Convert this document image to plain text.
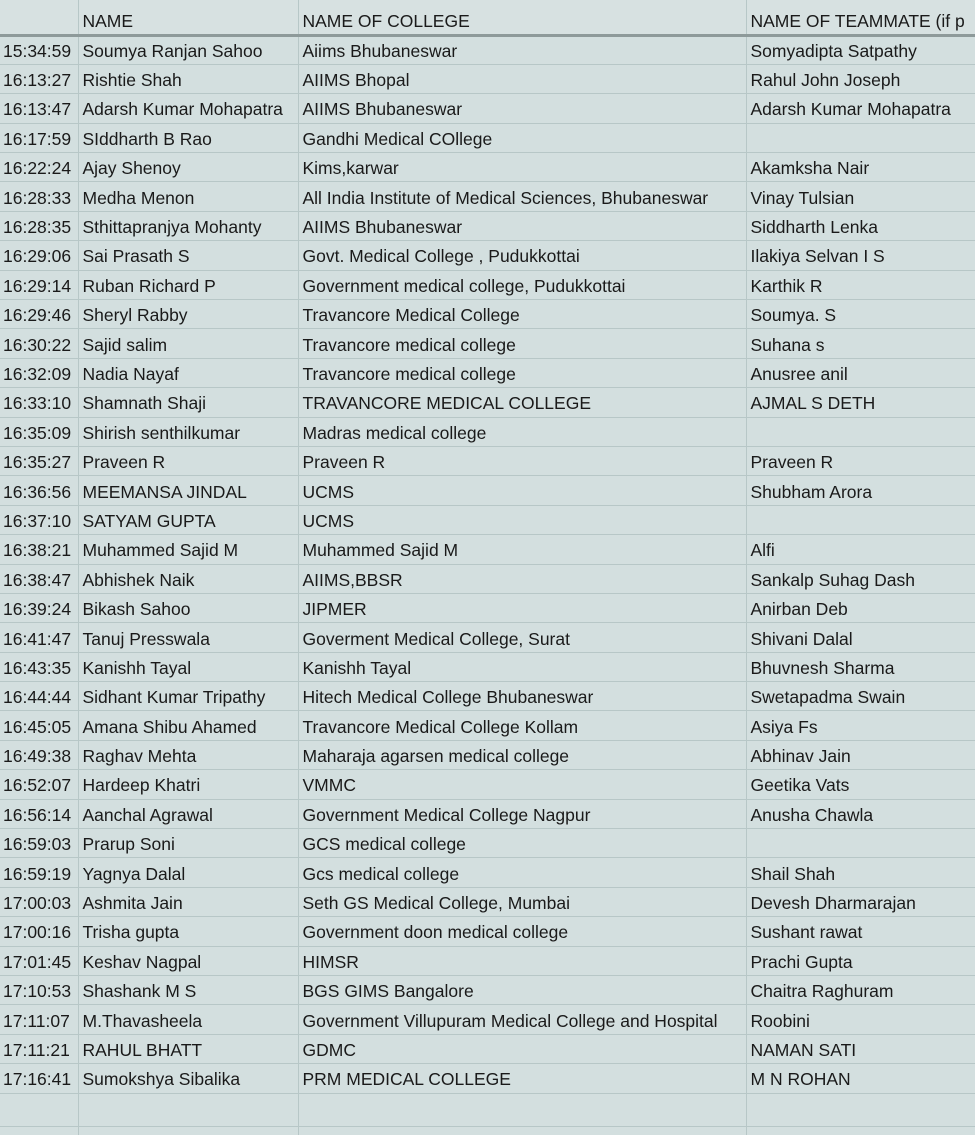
	NAME	NAME OF COLLEGE	NAME OF TEAMMATE (if p
15:34:59	Soumya Ranjan Sahoo	Aiims Bhubaneswar	Somyadipta Satpathy
16:13:27	Rishtie Shah	AIIMS Bhopal	Rahul John Joseph
16:13:47	Adarsh Kumar Mohapatra	AIIMS Bhubaneswar	Adarsh Kumar Mohapatra
16:17:59	SIddharth B Rao	Gandhi Medical COllege	
16:22:24	Ajay Shenoy	Kims,karwar	Akamksha Nair
16:28:33	Medha Menon	All India Institute of Medical Sciences, Bhubaneswar	Vinay Tulsian
16:28:35	Sthittapranjya Mohanty	AIIMS Bhubaneswar	Siddharth Lenka
16:29:06	Sai Prasath S	Govt. Medical College , Pudukkottai	Ilakiya Selvan I S
16:29:14	Ruban Richard P	Government medical college, Pudukkottai	Karthik R
16:29:46	Sheryl Rabby	Travancore Medical College	Soumya. S
16:30:22	Sajid salim	Travancore medical college	Suhana s
16:32:09	Nadia Nayaf	Travancore medical college	Anusree anil
16:33:10	Shamnath Shaji	TRAVANCORE MEDICAL COLLEGE	AJMAL S DETH
16:35:09	Shirish senthilkumar	Madras medical college	
16:35:27	Praveen R	Praveen R	Praveen R
16:36:56	MEEMANSA JINDAL	UCMS	Shubham Arora
16:37:10	SATYAM GUPTA	UCMS	
16:38:21	Muhammed Sajid M	Muhammed Sajid M	Alfi
16:38:47	Abhishek Naik	AIIMS,BBSR	Sankalp Suhag Dash
16:39:24	Bikash Sahoo	JIPMER	Anirban Deb
16:41:47	Tanuj Presswala	Goverment Medical College, Surat	Shivani Dalal
16:43:35	Kanishh Tayal	Kanishh Tayal	Bhuvnesh Sharma
16:44:44	Sidhant Kumar Tripathy	Hitech Medical College Bhubaneswar	Swetapadma Swain
16:45:05	Amana Shibu Ahamed	Travancore Medical College Kollam	Asiya Fs
16:49:38	Raghav Mehta	Maharaja agarsen medical college	Abhinav Jain
16:52:07	Hardeep Khatri	VMMC	Geetika Vats
16:56:14	Aanchal Agrawal	Government Medical College Nagpur	Anusha Chawla
16:59:03	Prarup Soni	GCS medical college	
16:59:19	Yagnya Dalal	Gcs medical college	Shail Shah
17:00:03	Ashmita Jain	Seth GS Medical College, Mumbai	Devesh Dharmarajan
17:00:16	Trisha gupta	Government doon medical college	Sushant rawat
17:01:45	Keshav Nagpal	HIMSR	Prachi Gupta
17:10:53	Shashank M S	BGS GIMS Bangalore	Chaitra Raghuram
17:11:07	M.Thavasheela	Government Villupuram Medical College and Hospital	Roobini
17:11:21	RAHUL BHATT	GDMC	NAMAN SATI
17:16:41	Sumokshya Sibalika	PRM MEDICAL COLLEGE	M N ROHAN
